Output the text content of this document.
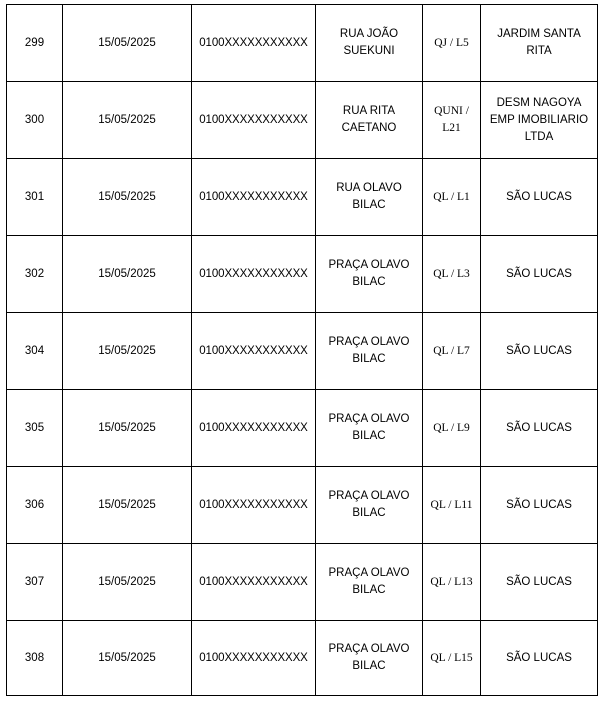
299	15/05/2025	0100XXXXXXXXXXX	RUA JOÃO SUEKUNI	QJ / L5	JARDIM SANTA RITA
300	15/05/2025	0100XXXXXXXXXXX	RUA RITA CAETANO	QUNI / L21	DESM NAGOYA EMP IMOBILIARIO LTDA
301	15/05/2025	0100XXXXXXXXXXX	RUA OLAVO BILAC	QL / L1	SÃO LUCAS
302	15/05/2025	0100XXXXXXXXXXX	PRAÇA OLAVO BILAC	QL / L3	SÃO LUCAS
304	15/05/2025	0100XXXXXXXXXXX	PRAÇA OLAVO BILAC	QL / L7	SÃO LUCAS
305	15/05/2025	0100XXXXXXXXXXX	PRAÇA OLAVO BILAC	QL / L9	SÃO LUCAS
306	15/05/2025	0100XXXXXXXXXXX	PRAÇA OLAVO BILAC	QL / L11	SÃO LUCAS
307	15/05/2025	0100XXXXXXXXXXX	PRAÇA OLAVO BILAC	QL / L13	SÃO LUCAS
308	15/05/2025	0100XXXXXXXXXXX	PRAÇA OLAVO BILAC	QL / L15	SÃO LUCAS
